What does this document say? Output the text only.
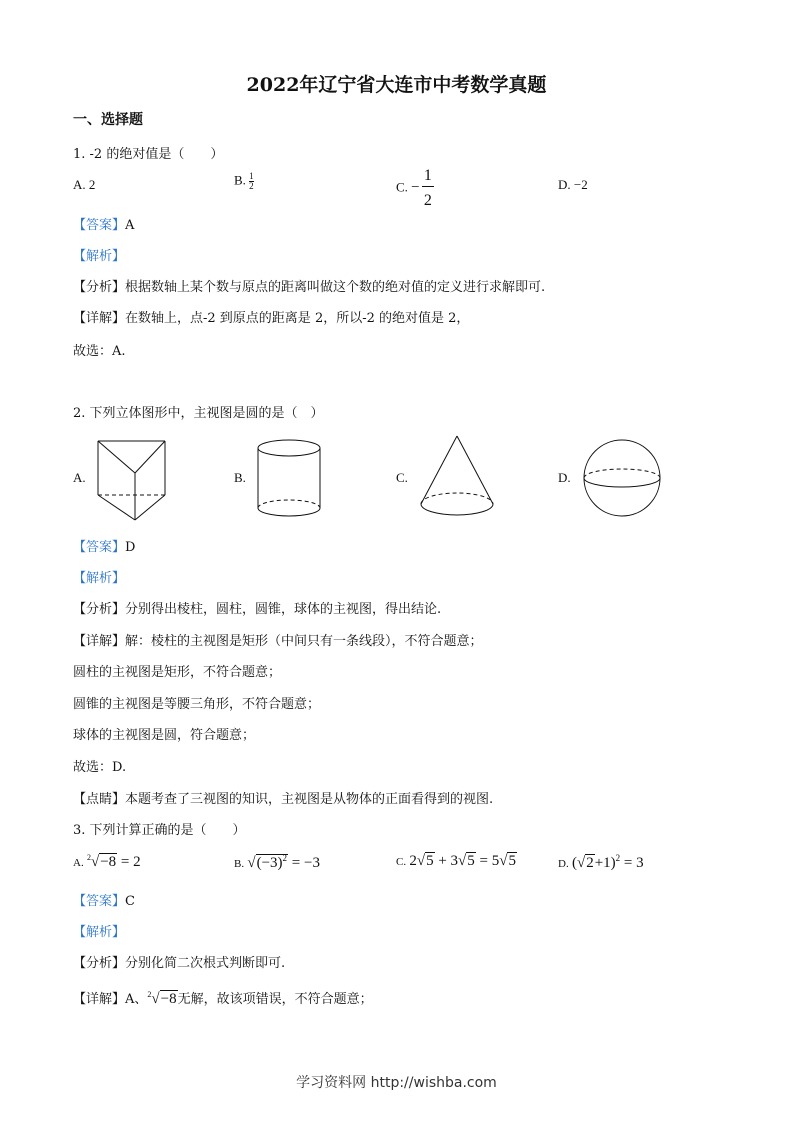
2022年辽宁省大连市中考数学真题
一、选择题
1. -2 的绝对值是（　　）
A. 2	B. $\frac{1}{2}$	C. −
1
2
D. −2
【答案】A
【解析】
【分析】根据数轴上某个数与原点的距离叫做这个数的绝对值的定义进行求解即可.
【详解】在数轴上，点-2 到原点的距离是 2，所以-2 的绝对值是 2，
故选：A.
2. 下列立体图形中，主视图是圆的是（　）
A.	B.	C.	D.
【答案】D
【解析】
【分析】分别得出棱柱，圆柱，圆锥，球体的主视图，得出结论.
【详解】解：棱柱的主视图是矩形（中间只有一条线段），不符合题意；
圆柱的主视图是矩形，不符合题意；
圆锥的主视图是等腰三角形，不符合题意；
球体的主视图是圆，符合题意；
故选：D.
【点睛】本题考查了三视图的知识，主视图是从物体的正面看得到的视图.
3. 下列计算正确的是（　　）
A. $^2$√−8 = 2	B. $√(-3)^2 = -3$	C. 2√5 + 3√5 = 5√5	D. $(√2+1)^2 = 3$
【答案】C
【解析】
【分析】分别化简二次根式判断即可.
【详解】A、$^2$√−8无解，故该项错误，不符合题意；
学习资料网 http://wishba.com
